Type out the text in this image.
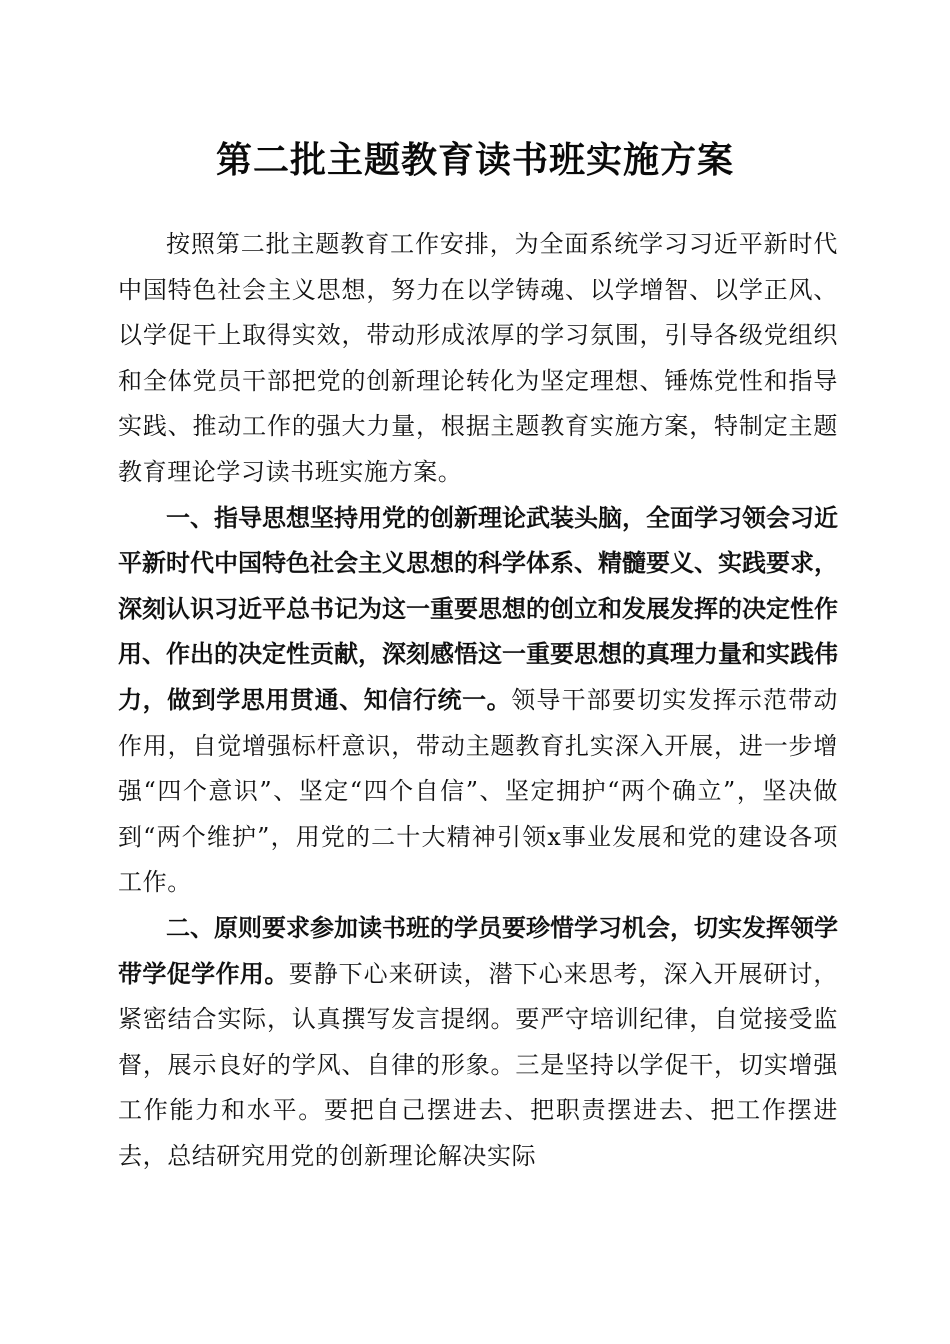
第二批主题教育读书班实施方案

按照第二批主题教育工作安排，为全面系统学习习近平新时代中国特色社会主义思想，努力在以学铸魂、以学增智、以学正风、以学促干上取得实效，带动形成浓厚的学习氛围，引导各级党组织和全体党员干部把党的创新理论转化为坚定理想、锤炼党性和指导实践、推动工作的强大力量，根据主题教育实施方案，特制定主题教育理论学习读书班实施方案。

一、指导思想坚持用党的创新理论武装头脑，全面学习领会习近平新时代中国特色社会主义思想的科学体系、精髓要义、实践要求，深刻认识习近平总书记为这一重要思想的创立和发展发挥的决定性作用、作出的决定性贡献，深刻感悟这一重要思想的真理力量和实践伟力，做到学思用贯通、知信行统一。领导干部要切实发挥示范带动作用，自觉增强标杆意识，带动主题教育扎实深入开展，进一步增强“四个意识”、坚定“四个自信”、坚定拥护“两个确立”，坚决做到“两个维护”，用党的二十大精神引领x事业发展和党的建设各项工作。

二、原则要求参加读书班的学员要珍惜学习机会，切实发挥领学带学促学作用。要静下心来研读，潜下心来思考，深入开展研讨，紧密结合实际，认真撰写发言提纲。要严守培训纪律，自觉接受监督，展示良好的学风、自律的形象。三是坚持以学促干，切实增强工作能力和水平。要把自己摆进去、把职责摆进去、把工作摆进去，总结研究用党的创新理论解决实际
